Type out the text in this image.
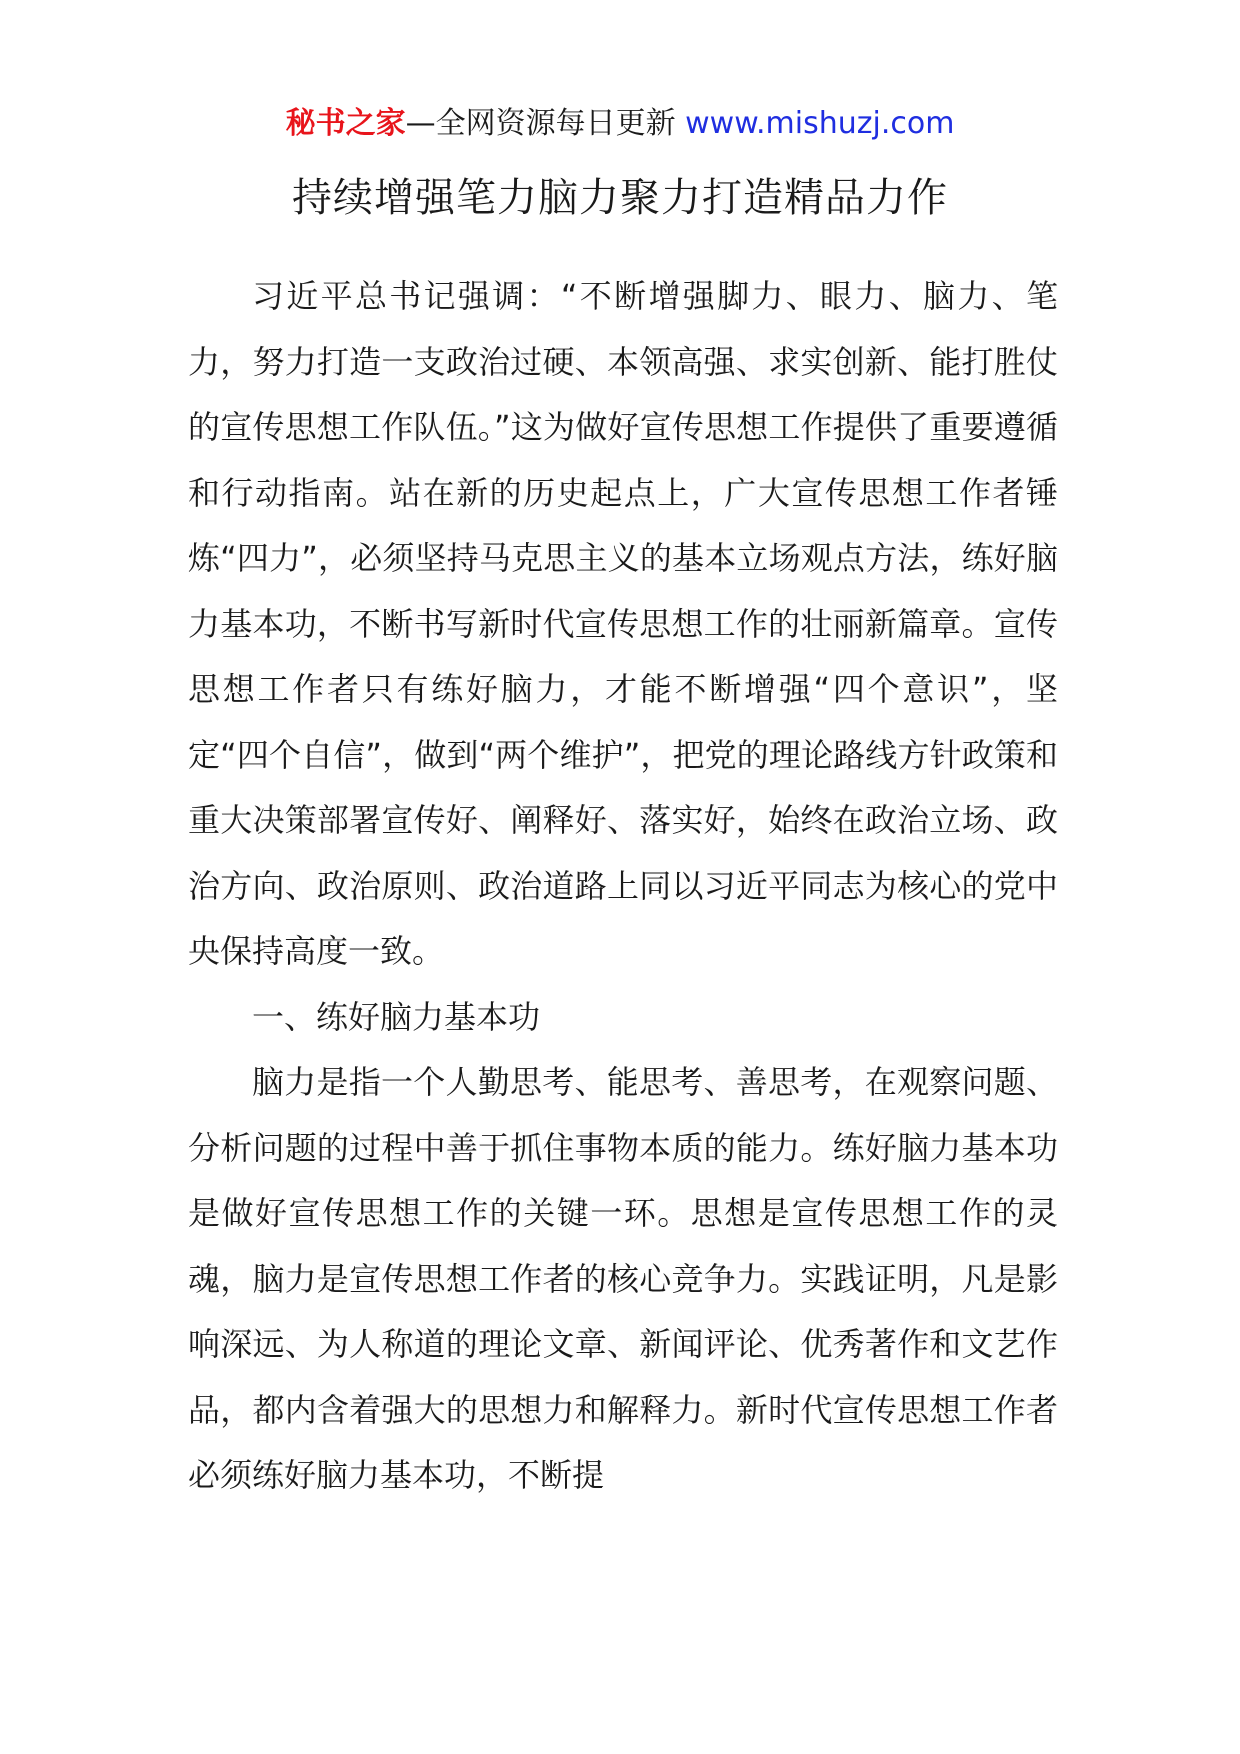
秘书之家—全网资源每日更新 www.mishuzj.com
持续增强笔力脑力聚力打造精品力作

习近平总书记强调：“不断增强脚力、眼力、脑力、笔力，努力打造一支政治过硬、本领高强、求实创新、能打胜仗的宣传思想工作队伍。”这为做好宣传思想工作提供了重要遵循和行动指南。站在新的历史起点上，广大宣传思想工作者锤炼“四力”，必须坚持马克思主义的基本立场观点方法，练好脑力基本功，不断书写新时代宣传思想工作的壮丽新篇章。宣传思想工作者只有练好脑力，才能不断增强“四个意识”，坚定“四个自信”，做到“两个维护”，把党的理论路线方针政策和重大决策部署宣传好、阐释好、落实好，始终在政治立场、政治方向、政治原则、政治道路上同以习近平同志为核心的党中央保持高度一致。

一、练好脑力基本功

脑力是指一个人勤思考、能思考、善思考，在观察问题、分析问题的过程中善于抓住事物本质的能力。练好脑力基本功是做好宣传思想工作的关键一环。思想是宣传思想工作的灵魂，脑力是宣传思想工作者的核心竞争力。实践证明，凡是影响深远、为人称道的理论文章、新闻评论、优秀著作和文艺作品，都内含着强大的思想力和解释力。新时代宣传思想工作者必须练好脑力基本功，不断提
